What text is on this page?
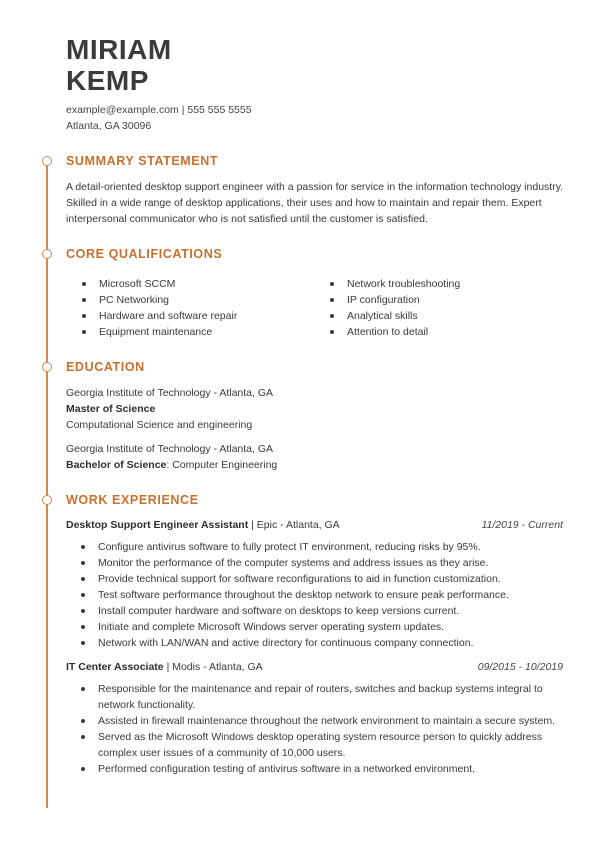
MIRIAM
KEMP
example@example.com | 555 555 5555
Atlanta, GA 30096
SUMMARY STATEMENT
A detail-oriented desktop support engineer with a passion for service in the information technology industry. Skilled in a wide range of desktop applications, their uses and how to maintain and repair them. Expert interpersonal communicator who is not satisfied until the customer is satisfied.
CORE QUALIFICATIONS
Microsoft SCCM
PC Networking
Hardware and software repair
Equipment maintenance
Network troubleshooting
IP configuration
Analytical skills
Attention to detail
EDUCATION
Georgia Institute of Technology - Atlanta, GA
Master of Science
Computational Science and engineering
Georgia Institute of Technology - Atlanta, GA
Bachelor of Science: Computer Engineering
WORK EXPERIENCE
Desktop Support Engineer Assistant | Epic - Atlanta, GA	11/2019 - Current
Configure antivirus software to fully protect IT environment, reducing risks by 95%.
Monitor the performance of the computer systems and address issues as they arise.
Provide technical support for software reconfigurations to aid in function customization.
Test software performance throughout the desktop network to ensure peak performance.
Install computer hardware and software on desktops to keep versions current.
Initiate and complete Microsoft Windows server operating system updates.
Network with LAN/WAN and active directory for continuous company connection.
IT Center Associate | Modis - Atlanta, GA	09/2015 - 10/2019
Responsible for the maintenance and repair of routers, switches and backup systems integral to network functionality.
Assisted in firewall maintenance throughout the network environment to maintain a secure system.
Served as the Microsoft Windows desktop operating system resource person to quickly address complex user issues of a community of 10,000 users.
Performed configuration testing of antivirus software in a networked environment.
